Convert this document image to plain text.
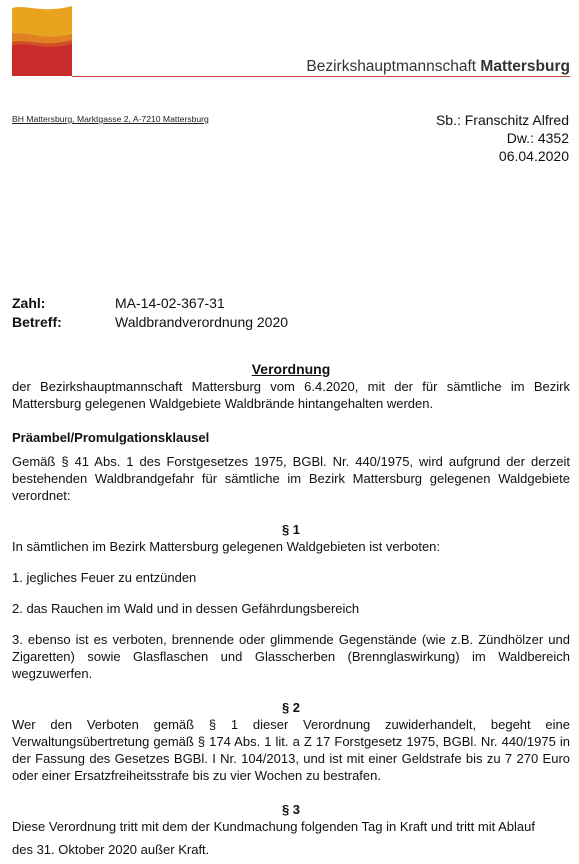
Bezirkshauptmannschaft Mattersburg
BH Mattersburg, Marktgasse 2, A-7210 Mattersburg	Sb.: Franschitz Alfred
Dw.: 4352
06.04.2020
Zahl:	MA-14-02-367-31
Betreff:	Waldbrandverordnung 2020
Verordnung

der Bezirkshauptmannschaft Mattersburg vom 6.4.2020, mit der für sämtliche im Bezirk Mattersburg gelegenen Waldgebiete Waldbrände hintangehalten werden.

Präambel/Promulgationsklausel

Gemäß § 41 Abs. 1 des Forstgesetzes 1975, BGBl. Nr. 440/1975, wird aufgrund der derzeit bestehenden Waldbrandgefahr für sämtliche im Bezirk Mattersburg gelegenen Waldgebiete verordnet:

§ 1

In sämtlichen im Bezirk Mattersburg gelegenen Waldgebieten ist verboten:

1. jegliches Feuer zu entzünden

2. das Rauchen im Wald und in dessen Gefährdungsbereich

3. ebenso ist es verboten, brennende oder glimmende Gegenstände (wie z.B. Zündhölzer und Zigaretten) sowie Glasflaschen und Glasscherben (Brennglaswirkung) im Waldbereich wegzuwerfen.

§ 2

Wer den Verboten gemäß § 1 dieser Verordnung zuwiderhandelt, begeht eine Verwaltungsübertretung gemäß § 174 Abs. 1 lit. a Z 17 Forstgesetz 1975, BGBl. Nr. 440/1975 in der Fassung des Gesetzes BGBl. I Nr. 104/2013, und ist mit einer Geldstrafe bis zu 7 270 Euro oder einer Ersatzfreiheitsstrafe bis zu vier Wochen zu bestrafen.

§ 3

Diese Verordnung tritt mit dem der Kundmachung folgenden Tag in Kraft und tritt mit Ablauf

des 31. Oktober 2020 außer Kraft.
